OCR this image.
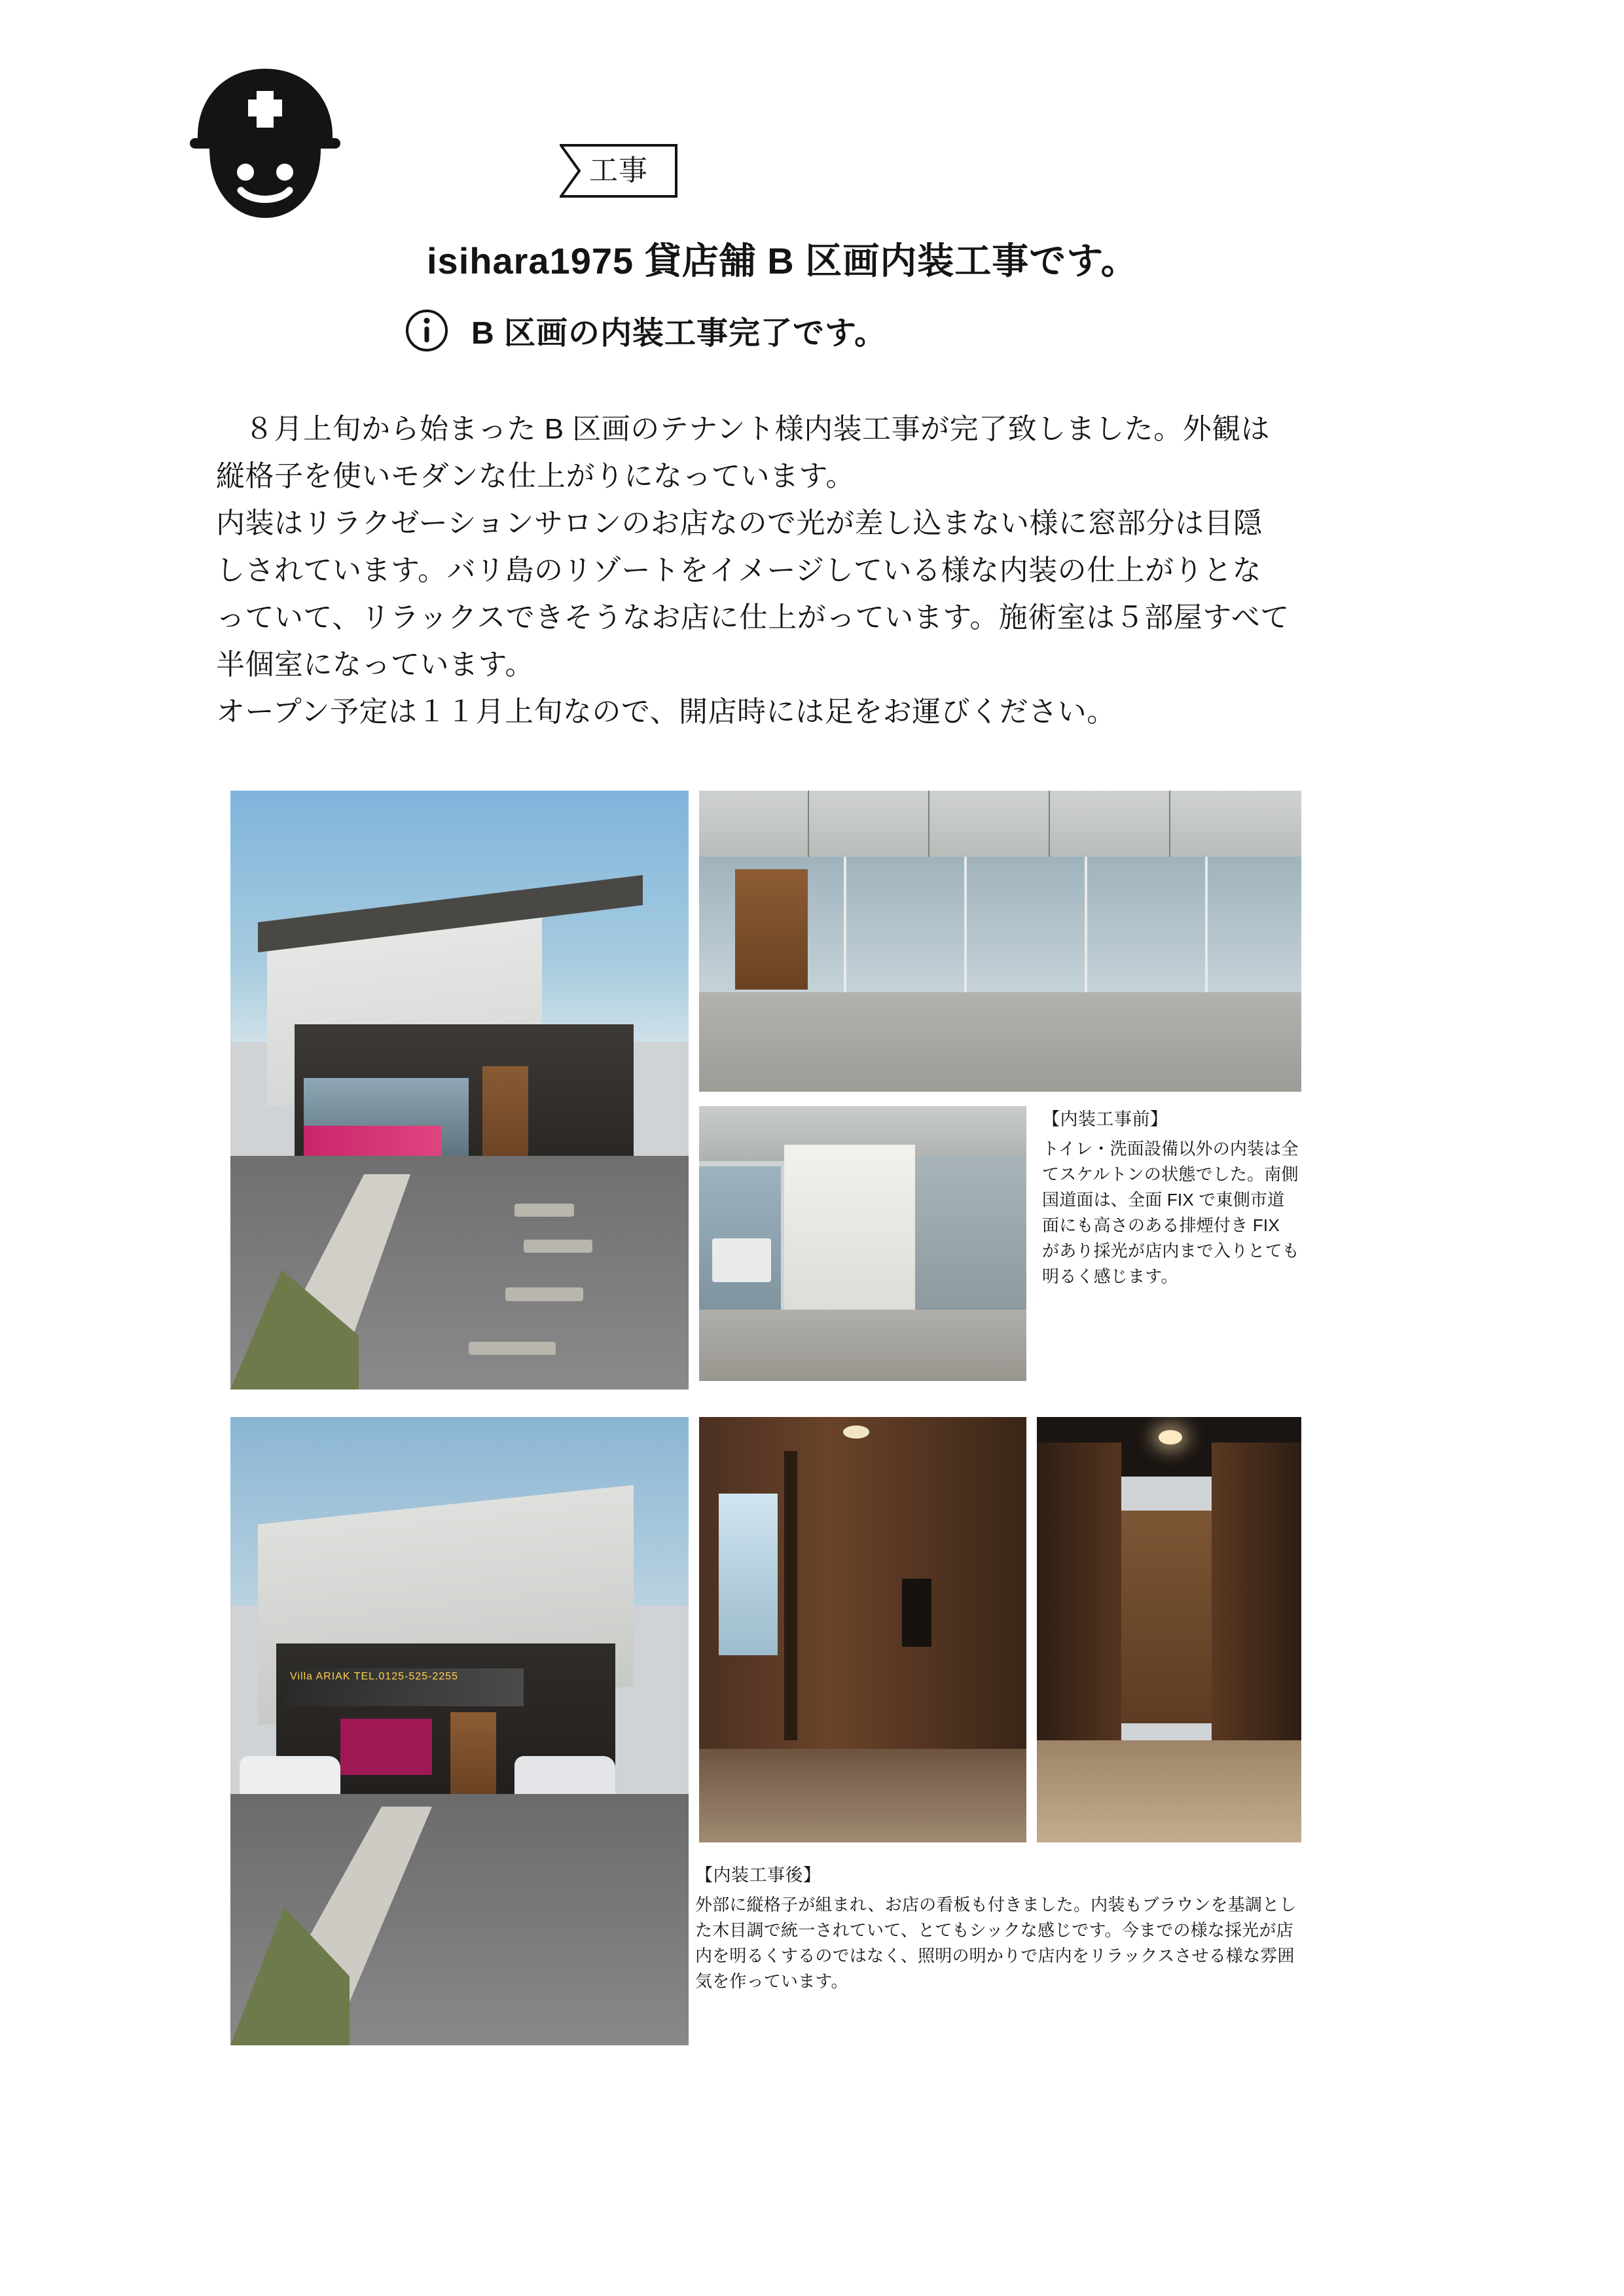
工事
isihara1975 貸店舗 B 区画内装工事です。
B 区画の内装工事完了です。

８月上旬から始まった B 区画のテナント様内装工事が完了致しました。外観は縦格子を使いモダンな仕上がりになっています。

内装はリラクゼーションサロンのお店なので光が差し込まない様に窓部分は目隠しされています。バリ島のリゾートをイメージしている様な内装の仕上がりとなっていて、リラックスできそうなお店に仕上がっています。施術室は５部屋すべて半個室になっています。

オープン予定は１１月上旬なので、開店時には足をお運びください。

Villa ARIAK TEL.0125-525-2255

【内装工事前】

トイレ・洗面設備以外の内装は全てスケルトンの状態でした。南側国道面は、全面 FIX で東側市道面にも高さのある排煙付き FIX があり採光が店内まで入りとても明るく感じます。

【内装工事後】

外部に縦格子が組まれ、お店の看板も付きました。内装もブラウンを基調とした木目調で統一されていて、とてもシックな感じです。今までの様な採光が店内を明るくするのではなく、照明の明かりで店内をリラックスさせる様な雰囲気を作っています。
